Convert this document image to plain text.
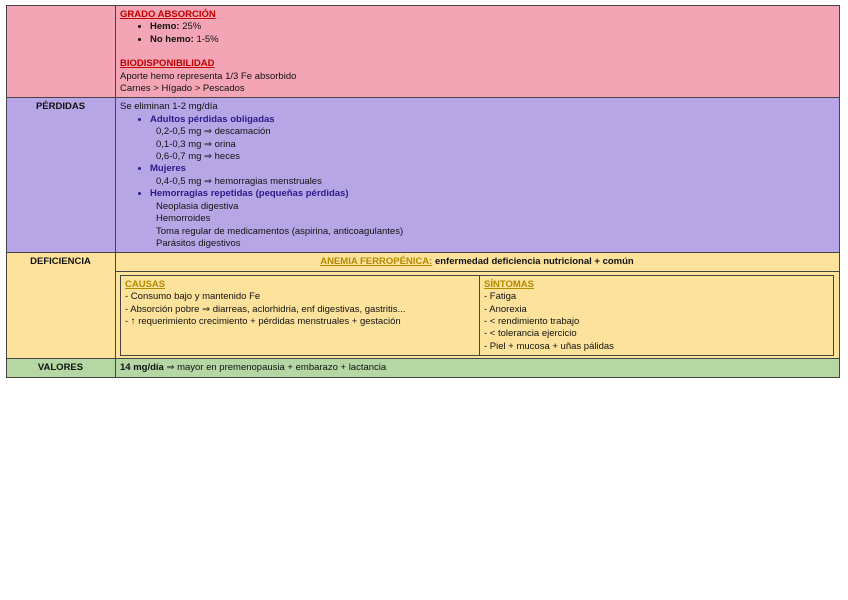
GRADO ABSORCIÓN
• Hemo: 25%
• No hemo: 1-5%
BIODISPONIBILIDAD
Aporte hemo representa 1/3 Fe absorbido
Carnes > Hígado > Pescados

PÉRDIDAS	Se eliminan 1-2 mg/día
• Adultos pérdidas obligadas
0,2-0,5 mg ⇒ descamación
0,1-0,3 mg ⇒ orina
0,6-0,7 mg ⇒ heces
• Mujeres
0,4-0,5 mg ⇒ hemorragias menstruales
• Hemorragias repetidas (pequeñas pérdidas)
Neoplasia digestiva
Hemorroides
Toma regular de medicamentos (aspirina, anticoagulantes)
Parásitos digestivos

DEFICIENCIA	ANEMIA FERROPÉNICA: enfermedad deficiencia nutricional + común

CAUSAS
- Consumo bajo y mantenido Fe
- Absorción pobre ⇒ diarreas, aclorhidria, enf digestivas, gastritis...
- ↑ requerimiento crecimiento + pérdidas menstruales + gestación

SÍNTOMAS
- Fatiga
- Anorexia
- < rendimiento trabajo
- < tolerancia ejercicio
- Piel + mucosa + uñas pálidas

VALORES	14 mg/día ⇒ mayor en premenopausia + embarazo + lactancia
